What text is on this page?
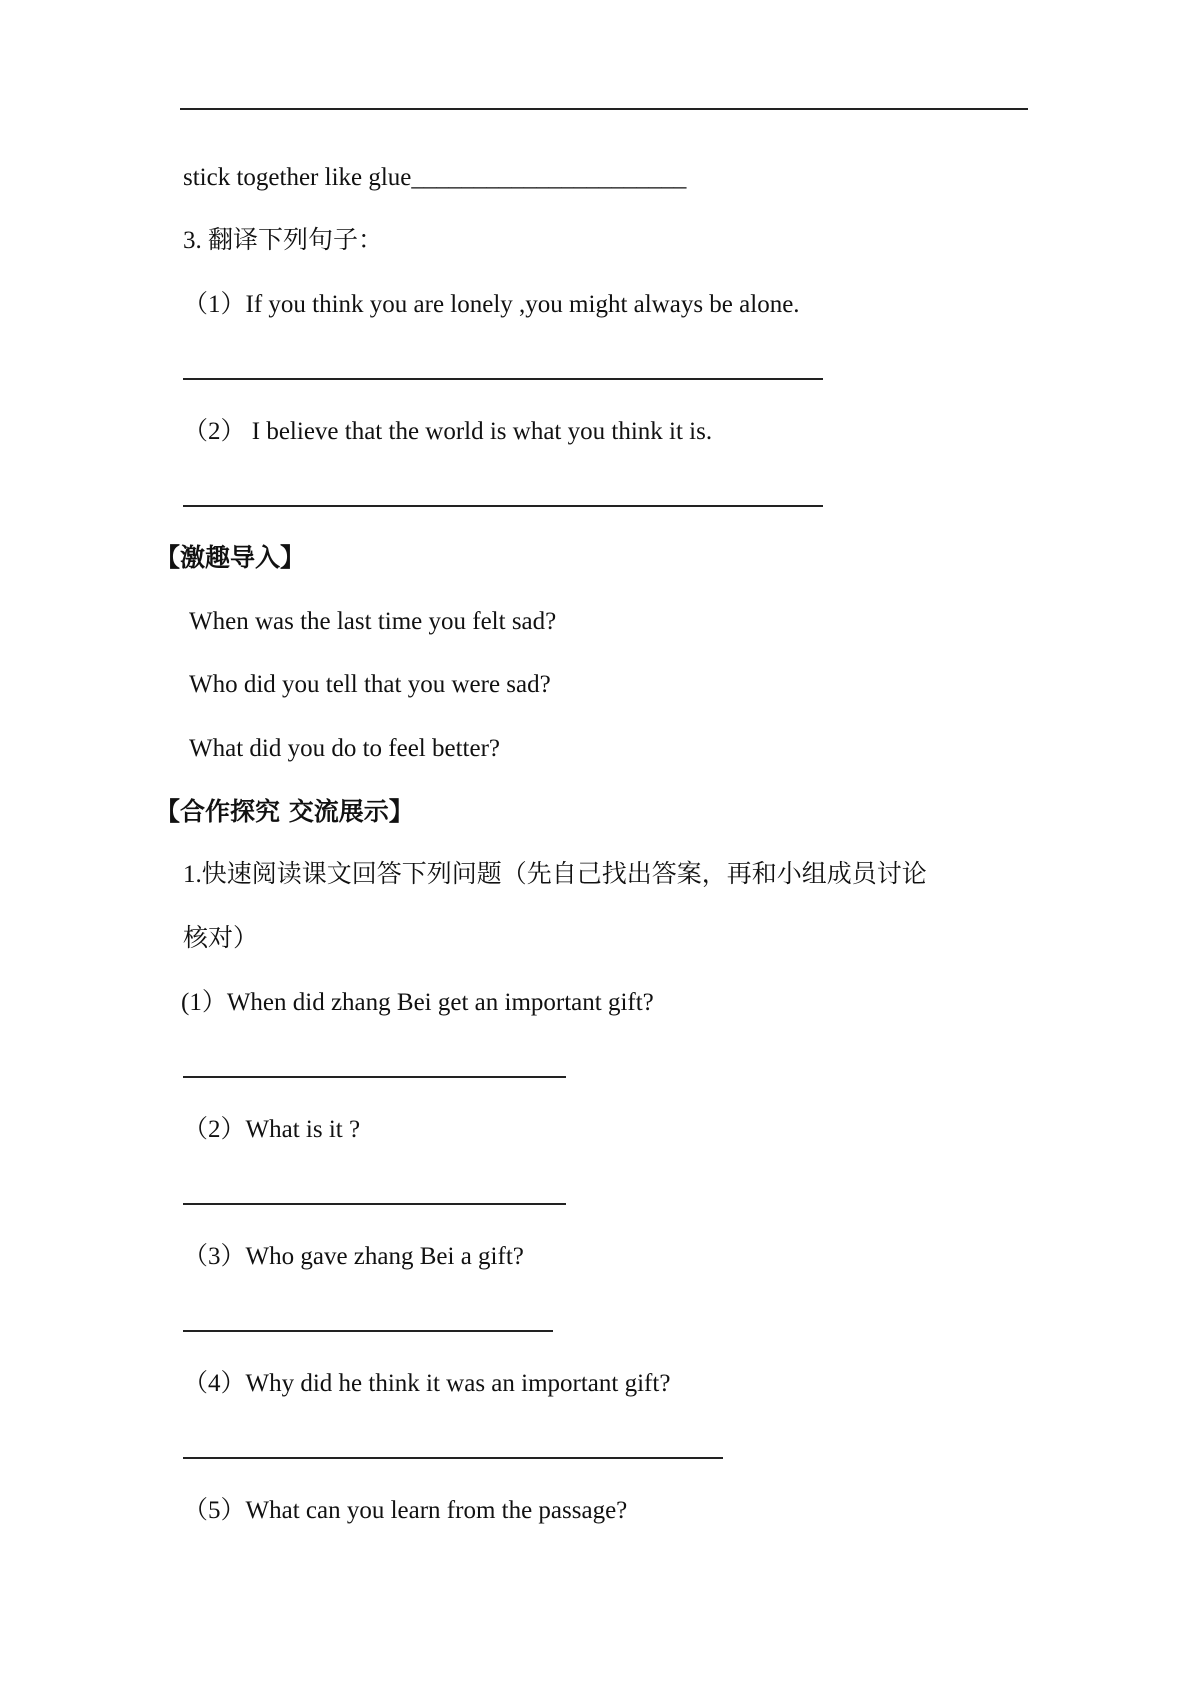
stick together like glue______________________
3. 翻译下列句子：
（1）If you think you are lonely ,you might always be alone.
（2） I believe that the world is what you think it is.
【激趣导入】
When was the last time you felt sad?
Who did you tell that you were sad?
What did you do to feel better?
【合作探究 交流展示】
1.快速阅读课文回答下列问题（先自己找出答案，再和小组成员讨论
核对）
(1）When did zhang Bei get an important gift?
（2）What is it ?
（3）Who gave zhang Bei a gift?
（4）Why did he think it was an important gift?
（5）What can you learn from the passage?
